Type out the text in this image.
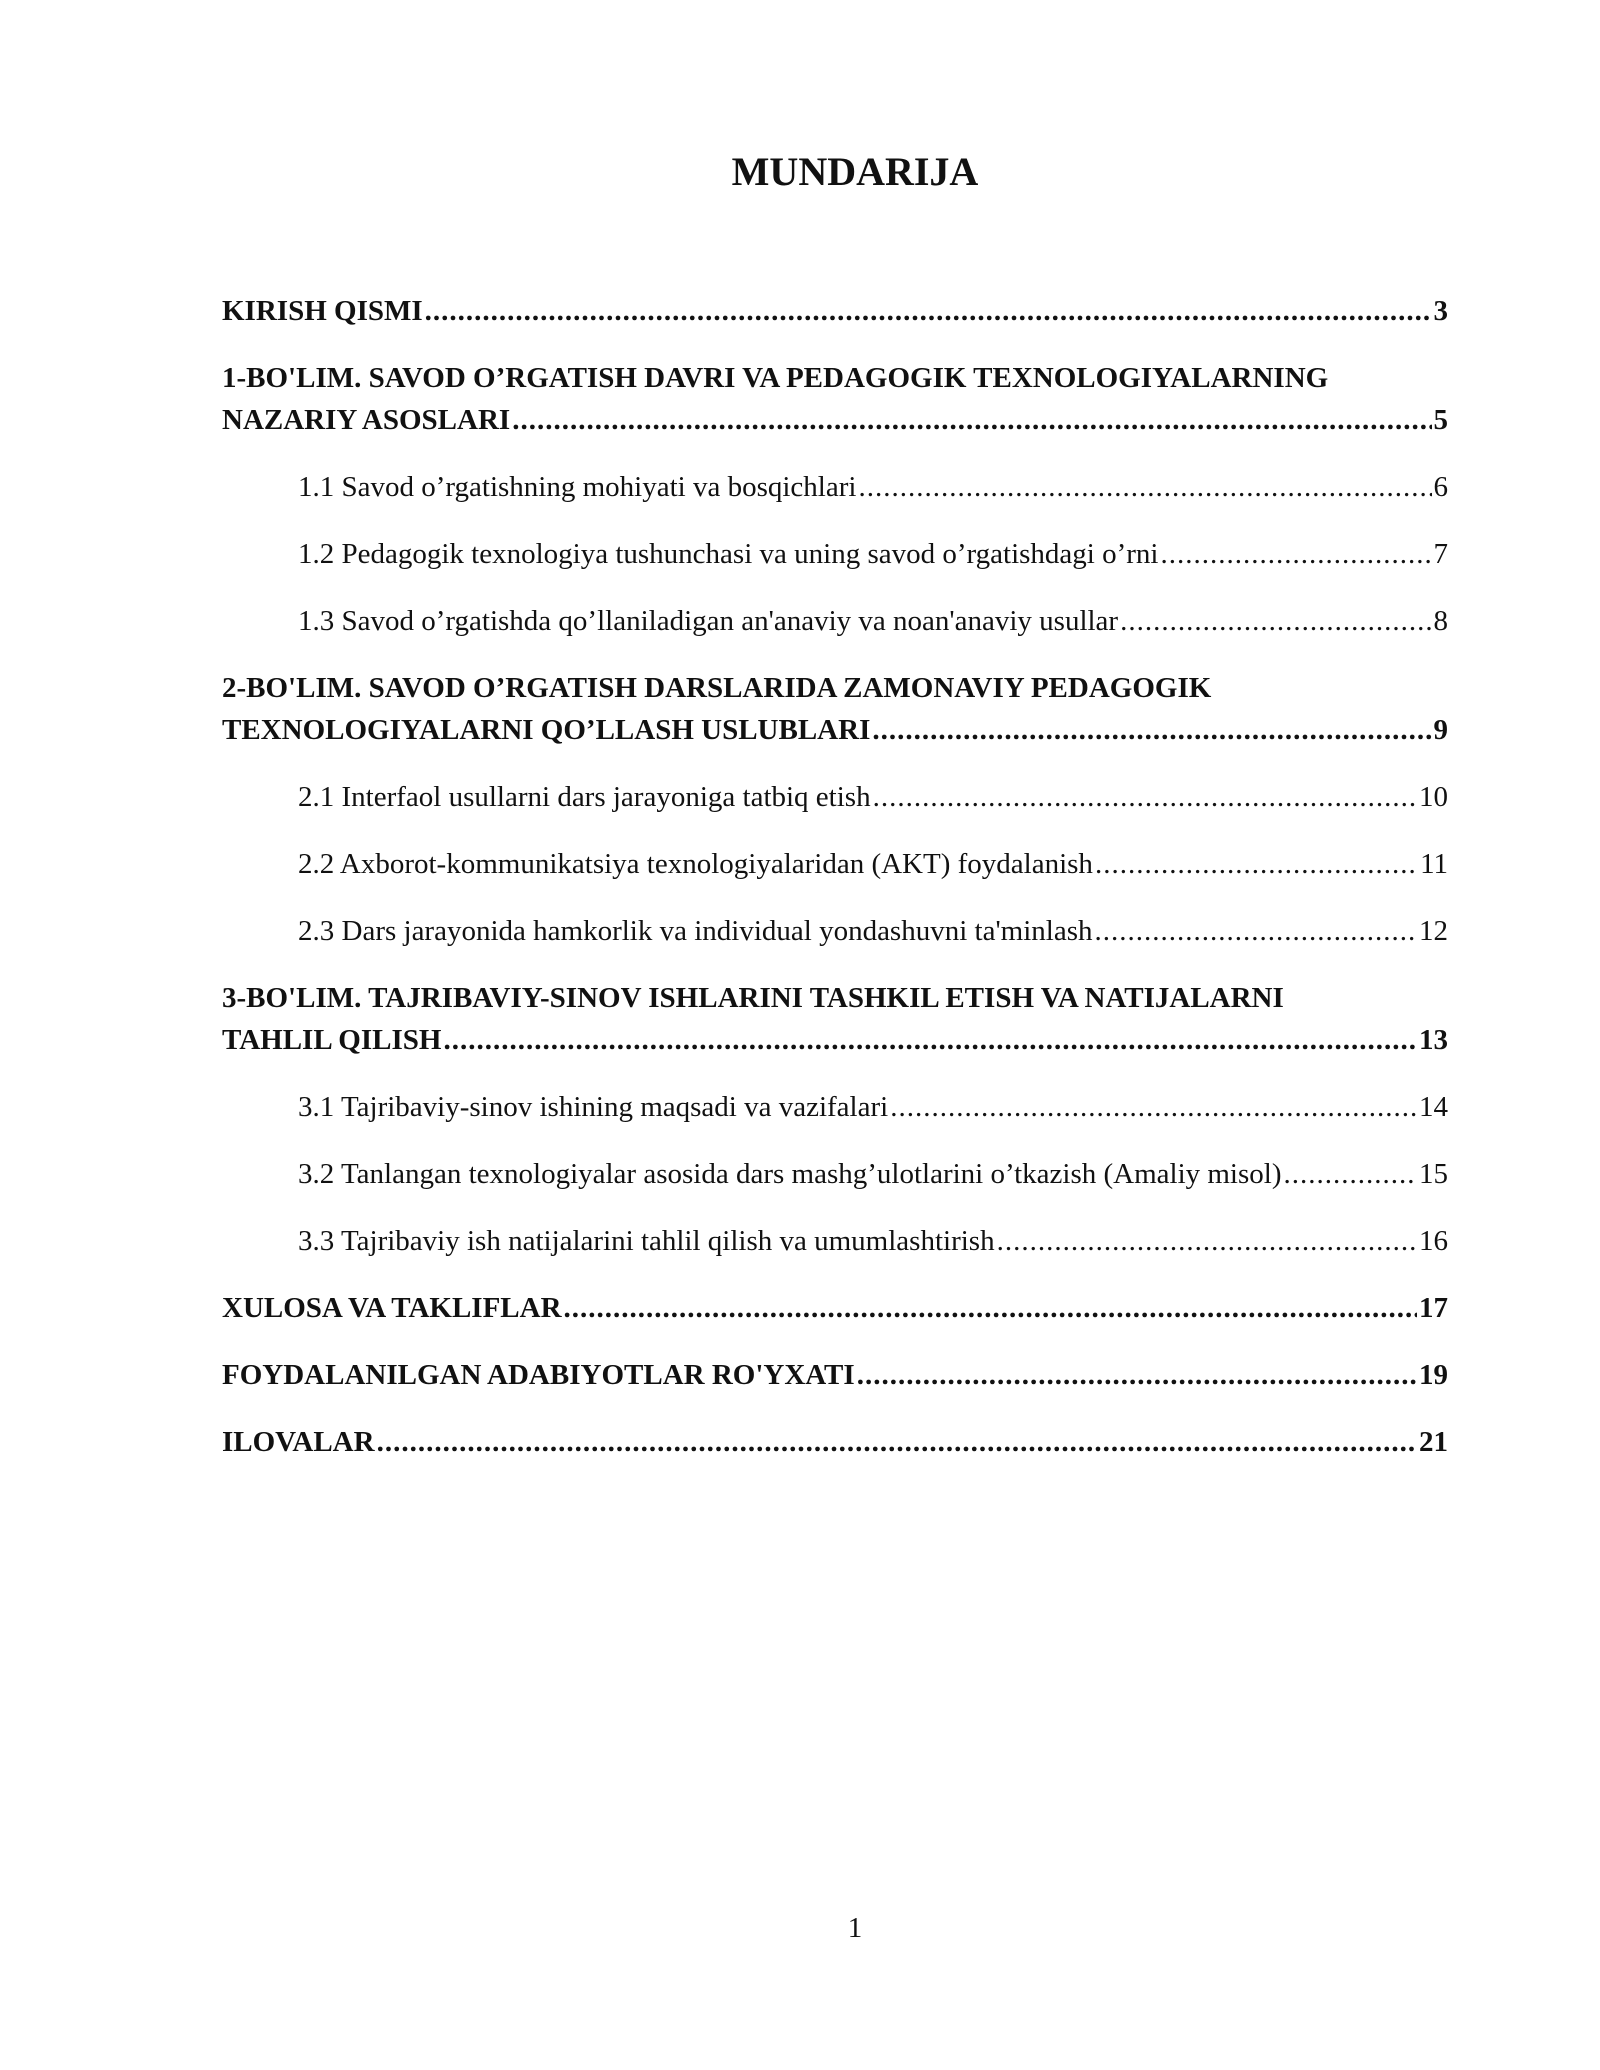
MUNDARIJA
KIRISH QISMI .....	3
1-BO'LIM. SAVOD O’RGATISH DAVRI VA PEDAGOGIK TEXNOLOGIYALARNING
NAZARIY ASOSLARI .....	5
1.1 Savod o’rgatishning mohiyati va bosqichlari .....	6
1.2 Pedagogik texnologiya tushunchasi va uning savod o’rgatishdagi o’rni .....	7
1.3 Savod o’rgatishda qo’llaniladigan an'anaviy va noan'anaviy usullar .....	8
2-BO'LIM. SAVOD O’RGATISH DARSLARIDA ZAMONAVIY PEDAGOGIK
TEXNOLOGIYALARNI QO’LLASH USLUBLARI .....	9
2.1 Interfaol usullarni dars jarayoniga tatbiq etish .....	10
2.2 Axborot-kommunikatsiya texnologiyalaridan (AKT) foydalanish .....	11
2.3 Dars jarayonida hamkorlik va individual yondashuvni ta'minlash .....	12
3-BO'LIM. TAJRIBAVIY-SINOV ISHLARINI TASHKIL ETISH VA NATIJALARNI
TAHLIL QILISH .....	13
3.1 Tajribaviy-sinov ishining maqsadi va vazifalari .....	14
3.2 Tanlangan texnologiyalar asosida dars mashg’ulotlarini o’tkazish (Amaliy misol) .....	15
3.3 Tajribaviy ish natijalarini tahlil qilish va umumlashtirish .....	16
XULOSA VA TAKLIFLAR .....	17
FOYDALANILGAN ADABIYOTLAR RO'YXATI .....	19
ILOVALAR .....	21
1
